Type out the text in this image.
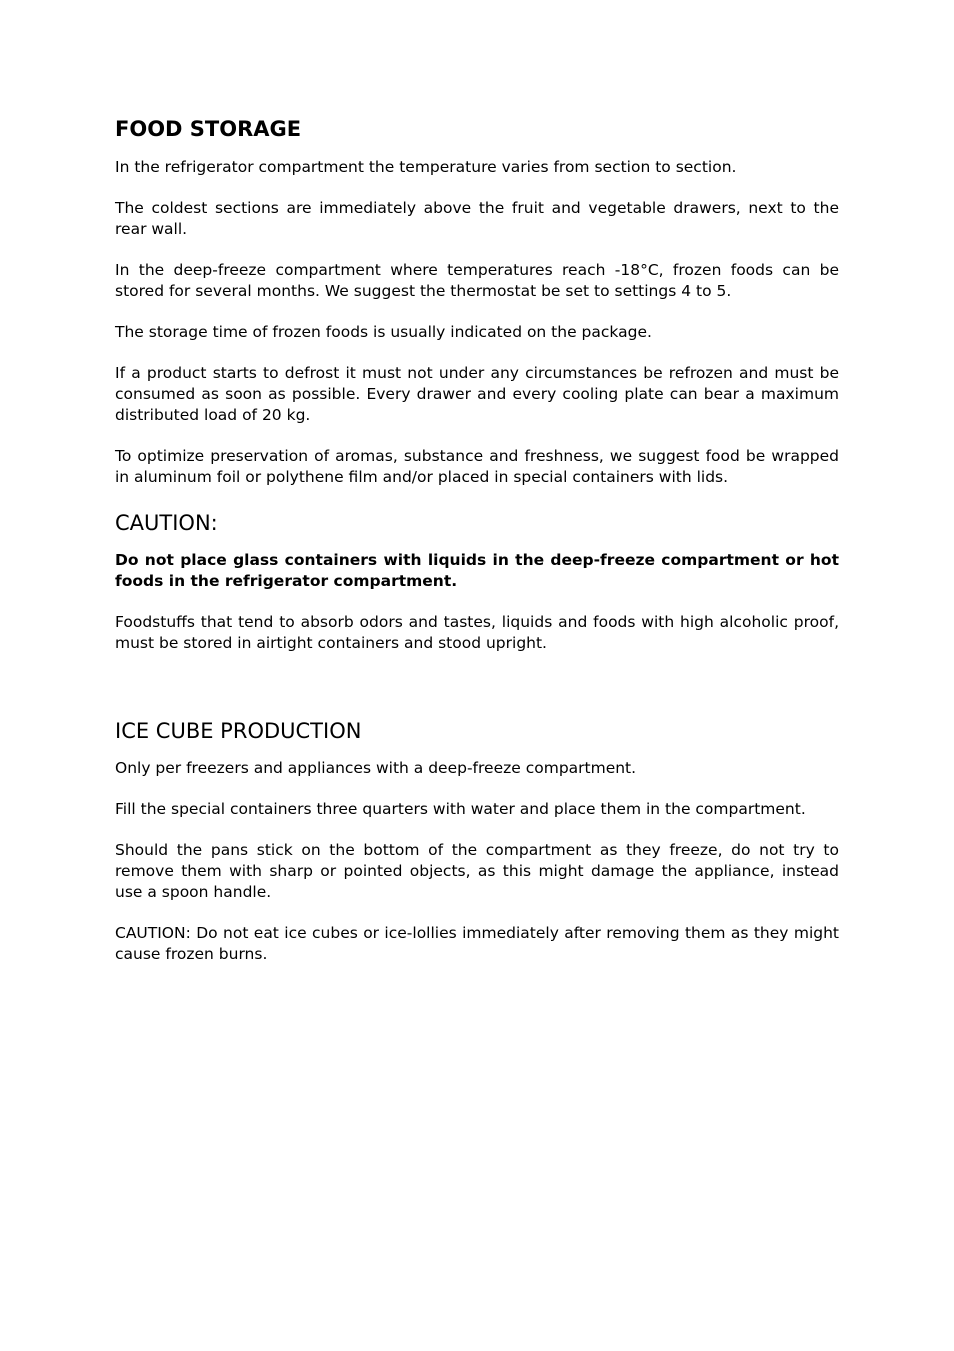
FOOD STORAGE

In the refrigerator compartment the temperature varies from section to section.

The coldest sections are immediately above the fruit and vegetable drawers, next to the rear wall.

In the deep-freeze compartment where temperatures reach -18°C, frozen foods can be stored for several months. We suggest the thermostat be set to settings 4 to 5.

The storage time of frozen foods is usually indicated on the package.

If a product starts to defrost it must not under any circumstances be refrozen and must be consumed as soon as possible. Every drawer and every cooling plate can bear a maximum distributed load of 20 kg.

To optimize preservation of aromas, substance and freshness, we suggest food be wrapped in aluminum foil or polythene film and/or placed in special containers with lids.

CAUTION:

Do not place glass containers with liquids in the deep-freeze compartment or hot foods in the refrigerator compartment.

Foodstuffs that tend to absorb odors and tastes, liquids and foods with high alcoholic proof, must be stored in airtight containers and stood upright.

ICE CUBE PRODUCTION

Only per freezers and appliances with a deep-freeze compartment.

Fill the special containers three quarters with water and place them in the compartment.

Should the pans stick on the bottom of the compartment as they freeze, do not try to remove them with sharp or pointed objects, as this might damage the appliance, instead use a spoon handle.

CAUTION: Do not eat ice cubes or ice-lollies immediately after removing them as they might cause frozen burns.
